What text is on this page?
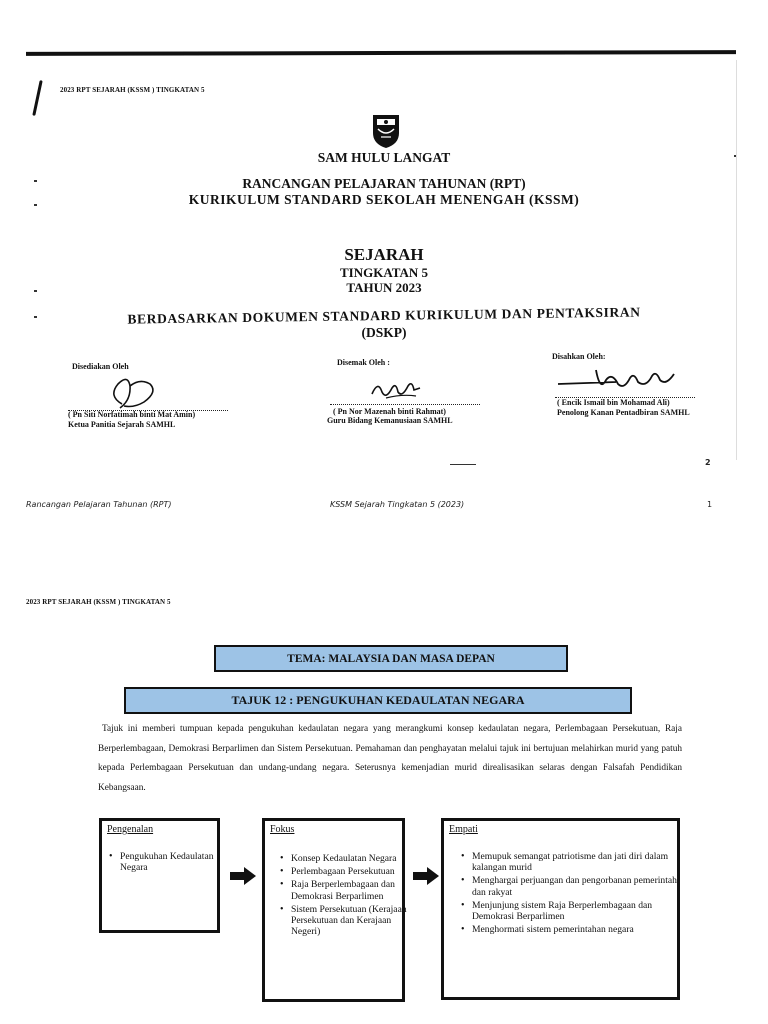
2023 RPT SEJARAH (KSSM ) TINGKATAN 5
SAM HULU LANGAT
RANCANGAN PELAJARAN TAHUNAN (RPT)
KURIKULUM STANDARD SEKOLAH MENENGAH (KSSM)
SEJARAH
TINGKATAN 5
TAHUN 2023
BERDASARKAN DOKUMEN STANDARD KURIKULUM DAN PENTAKSIRAN
(DSKP)
Disediakan Oleh
( Pn Siti Norfatimah binti Mat Amin)
Ketua Panitia Sejarah SAMHL
Disemak Oleh :
( Pn Nor Mazenah binti Rahmat)
Guru Bidang Kemanusiaan SAMHL
Disahkan Oleh:
( Encik Ismail bin Mohamad Ali)
Penolong Kanan Pentadbiran SAMHL
2
Rancangan Pelajaran Tahunan (RPT)	KSSM Sejarah Tingkatan 5 (2023)	1
2023 RPT SEJARAH (KSSM ) TINGKATAN 5
TEMA: MALAYSIA DAN MASA DEPAN
TAJUK 12 : PENGUKUHAN KEDAULATAN NEGARA
Tajuk ini memberi tumpuan kepada pengukuhan kedaulatan negara yang merangkumi konsep kedaulatan negara, Perlembagaan Persekutuan, Raja Berperlembagaan, Demokrasi Berparlimen dan Sistem Persekutuan. Pemahaman dan penghayatan melalui tajuk ini bertujuan melahirkan murid yang patuh kepada Perlembagaan Persekutuan dan undang-undang negara. Seterusnya kemenjadian murid direalisasikan selaras dengan Falsafah Pendidikan Kebangsaan.
Pengenalan
• Pengukuhan Kedaulatan Negara
Fokus
• Konsep Kedaulatan Negara
• Perlembagaan Persekutuan
• Raja Berperlembagaan dan Demokrasi Berparlimen
• Sistem Persekutuan (Kerajaan Persekutuan dan Kerajaan Negeri)
Empati
• Memupuk semangat patriotisme dan jati diri dalam kalangan murid
• Menghargai perjuangan dan pengorbanan pemerintah dan rakyat
• Menjunjung sistem Raja Berperlembagaan dan Demokrasi Berparlimen
• Menghormati sistem pemerintahan negara
